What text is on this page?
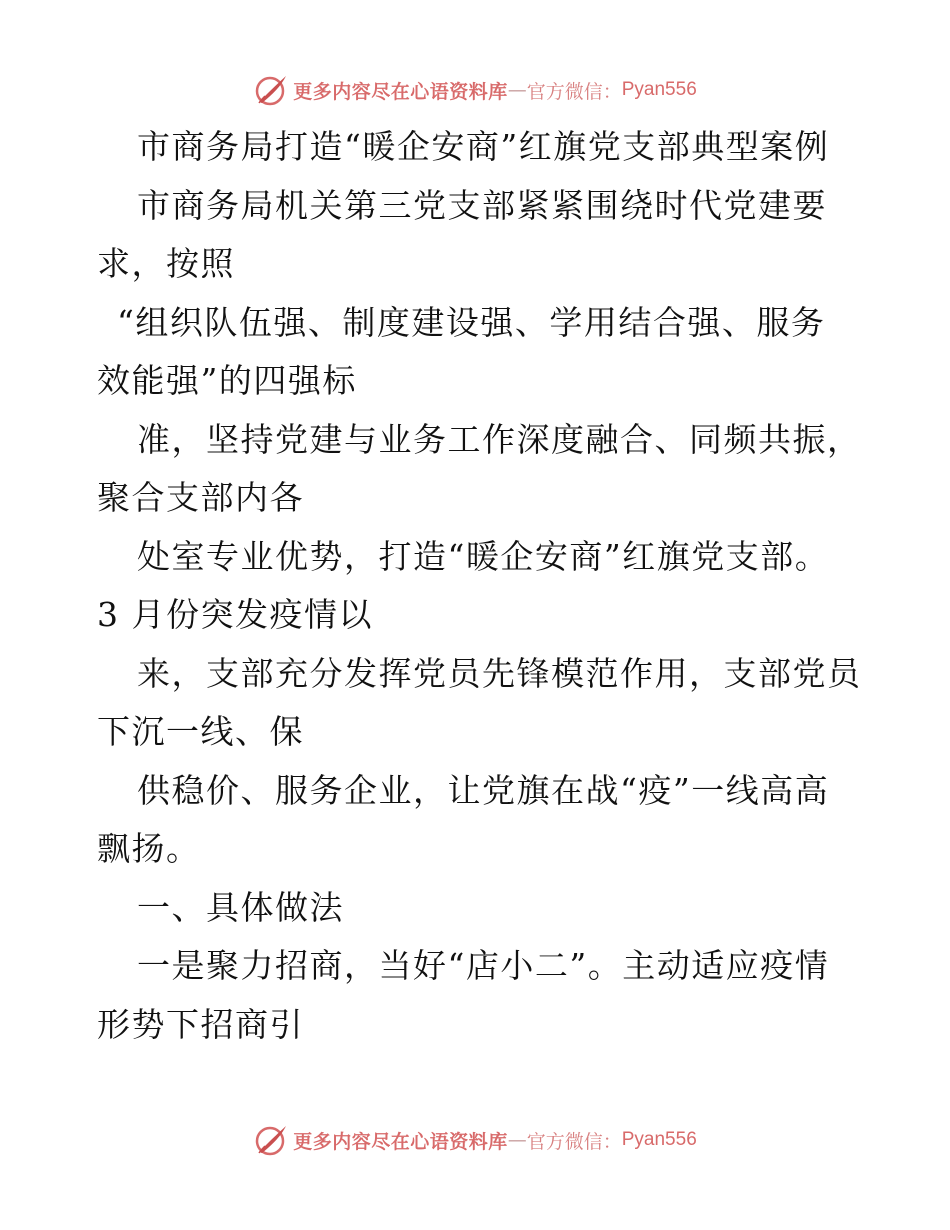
更多内容尽在心语资料库 — 官方微信： Pyan556
市商务局打造“暖企安商”红旗党支部典型案例
市商务局机关第三党支部紧紧围绕时代党建要
求，按照
“组织队伍强、制度建设强、学用结合强、服务
效能强”的四强标
准，坚持党建与业务工作深度融合、同频共振，
聚合支部内各
处室专业优势，打造“暖企安商”红旗党支部。
3 月份突发疫情以
来，支部充分发挥党员先锋模范作用，支部党员
下沉一线、保
供稳价、服务企业，让党旗在战“疫”一线高高
飘扬。
一、具体做法
一是聚力招商，当好“店小二”。主动适应疫情
形势下招商引
更多内容尽在心语资料库 — 官方微信： Pyan556
